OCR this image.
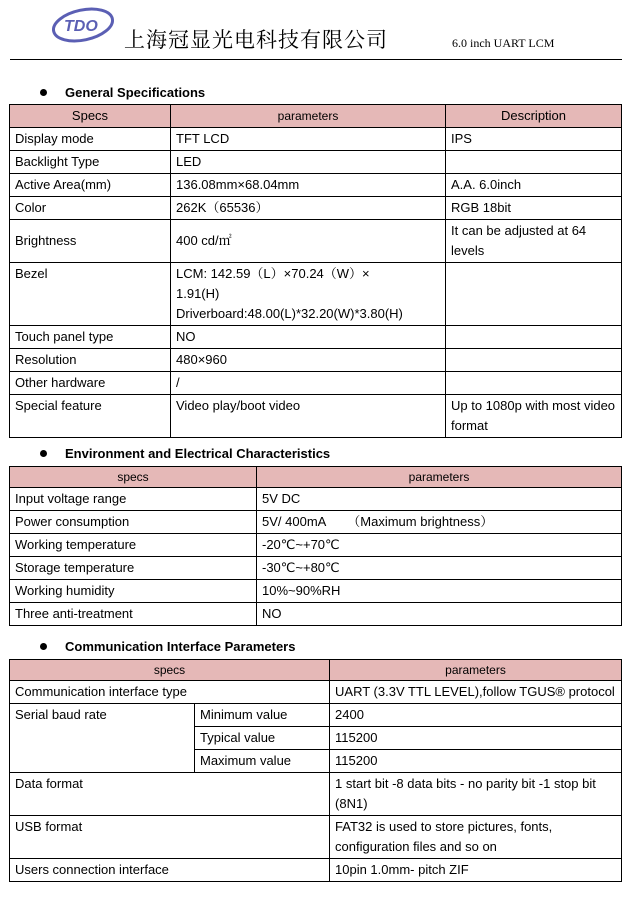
TDO
上海冠显光电科技有限公司	6.0 inch UART LCM
General Specifications
Specs	parameters	Description
Display mode	TFT LCD	IPS
Backlight Type	LED	
Active Area(mm)	136.08mm×68.04mm	A.A. 6.0inch
Color	262K（65536）	RGB 18bit
Brightness	400 cd/㎡	It can be adjusted at 64 levels
Bezel	LCM: 142.59（L）×70.24（W）×
1.91(H)
Driverboard:48.00(L)*32.20(W)*3.80(H)	

Touch panel type	NO	
Resolution	480×960	
Other hardware	/	
Special feature	Video play/boot video	Up to 1080p with most video format
Environment and Electrical Characteristics
specs	parameters
Input voltage range	5V DC
Power consumption	5V/ 400mA      （Maximum brightness）
Working temperature	-20℃~+70℃
Storage temperature	-30℃~+80℃
Working humidity	10%~90%RH
Three anti-treatment	NO
Communication Interface Parameters
specs		parameters
Communication interface type		UART (3.3V TTL LEVEL),follow TGUS® protocol
Serial baud rate	Minimum value	2400
	Typical value	115200
	Maximum value	115200
Data format		1 start bit -8 data bits - no parity bit -1 stop bit (8N1)
USB format		FAT32 is used to store pictures, fonts, configuration files and so on
Users connection interface		10pin 1.0mm- pitch ZIF
